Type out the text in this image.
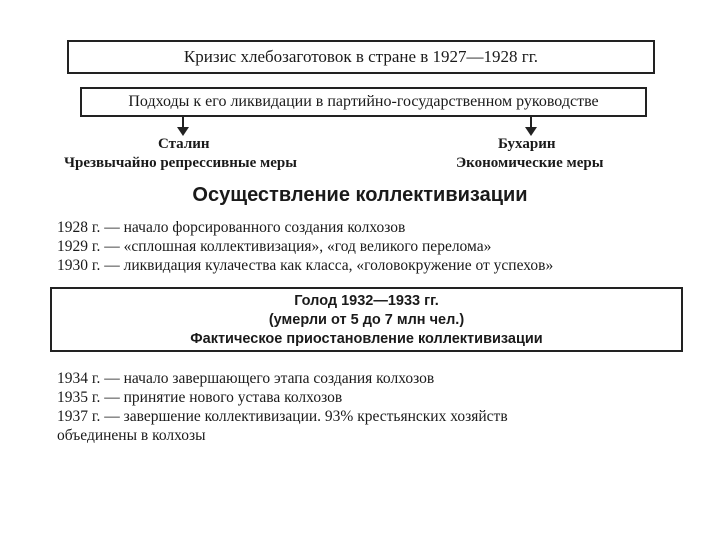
Кризис хлебозаготовок в стране в 1927—1928 гг.
Подходы к его ликвидации в партийно-государственном руководстве
Сталин
Чрезвычайно репрессивные меры
Бухарин
Экономические меры
Осуществление коллективизации
1928 г. — начало форсированного создания колхозов
1929 г. — «сплошная коллективизация», «год великого перелома»
1930 г. — ликвидация кулачества как класса, «головокружение от успехов»
Голод 1932—1933 гг.
(умерли от 5 до 7 млн чел.)
Фактическое приостановление коллективизации
1934 г. — начало завершающего этапа создания колхозов
1935 г. — принятие нового устава колхозов
1937 г. — завершение коллективизации. 93% крестьянских хозяйств
объединены в колхозы
